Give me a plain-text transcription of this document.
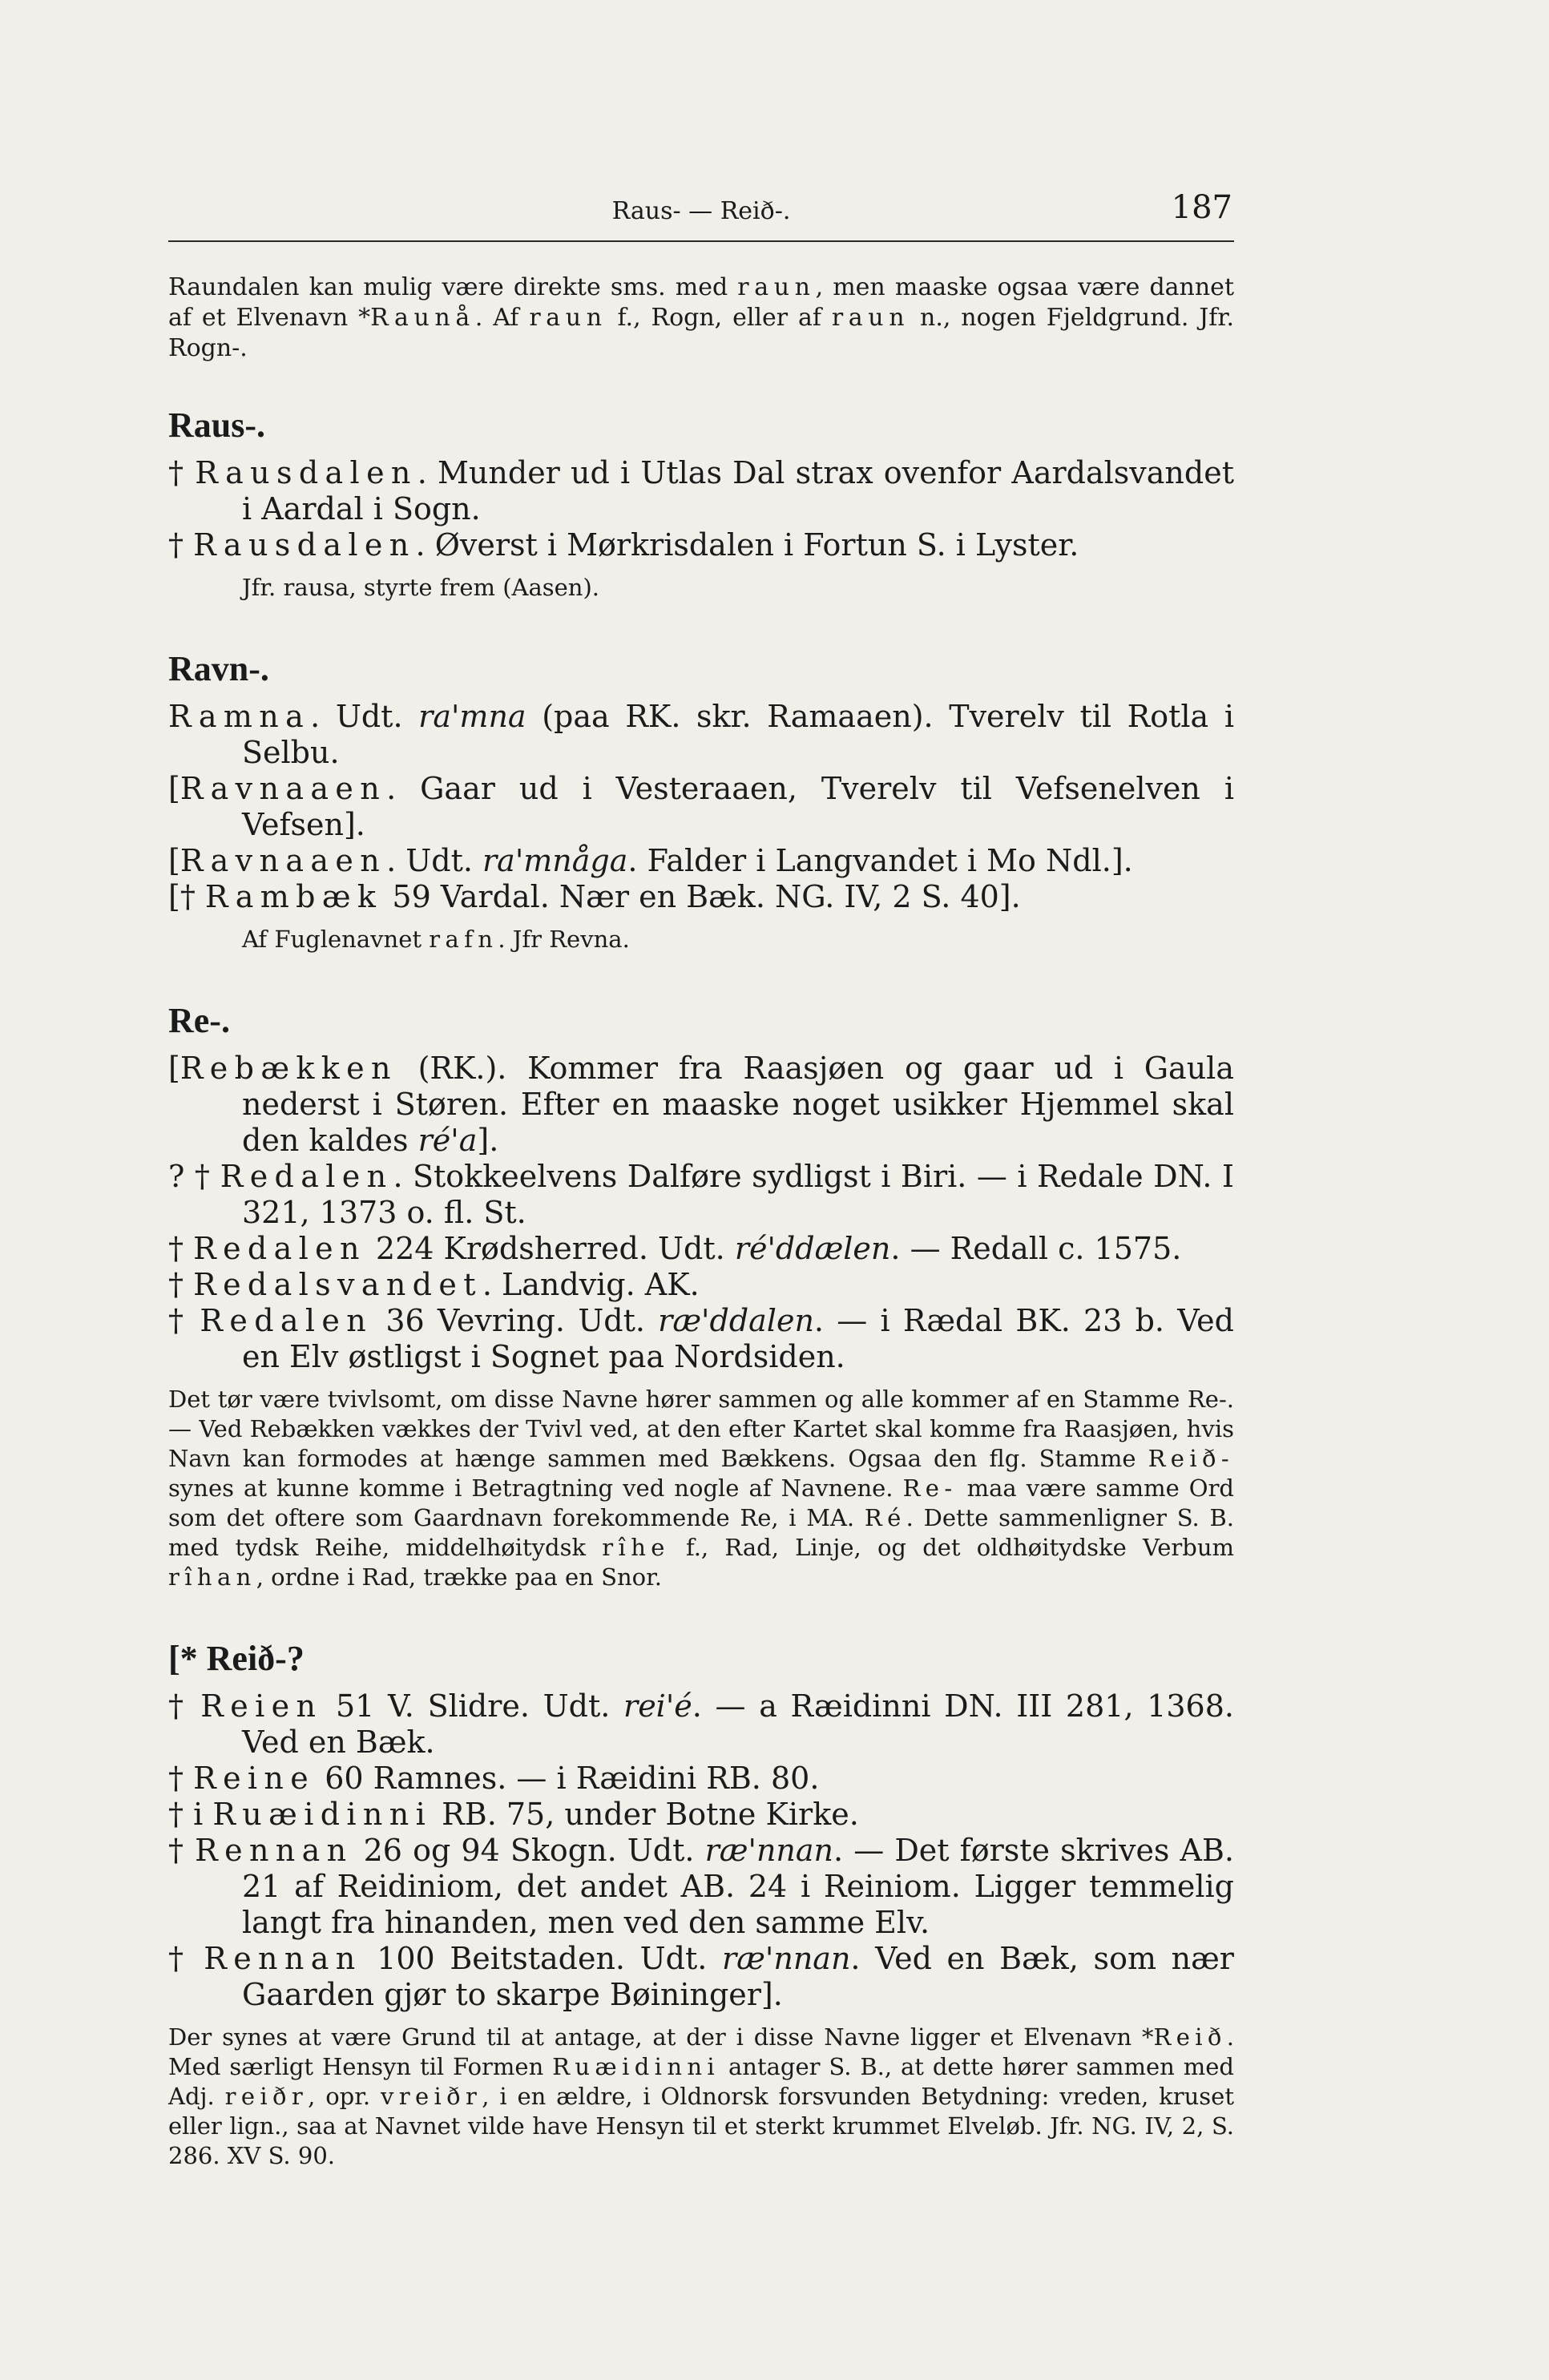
Raus- — Reið-.	187

Raundalen kan mulig være direkte sms. med raun, men maaske ogsaa være dannet af et Elvenavn *Raunå. Af raun f., Rogn, eller af raun n., nogen Fjeldgrund. Jfr. Rogn-.

Raus-.

† Rausdalen. Munder ud i Utlas Dal strax ovenfor Aardalsvandet i Aardal i Sogn.

† Rausdalen. Øverst i Mørkrisdalen i Fortun S. i Lyster.

Jfr. rausa, styrte frem (Aasen).

Ravn-.

Ramna. Udt. ra'mna (paa RK. skr. Ramaaen). Tverelv til Rotla i Selbu.

[Ravnaaen. Gaar ud i Vesteraaen, Tverelv til Vefsenelven i Vefsen].

[Ravnaaen. Udt. ra'mnåga. Falder i Langvandet i Mo Ndl.].

[† Rambæk 59 Vardal. Nær en Bæk. NG. IV, 2 S. 40].

Af Fuglenavnet rafn. Jfr Revna.

Re-.

[Rebækken (RK.). Kommer fra Raasjøen og gaar ud i Gaula nederst i Støren. Efter en maaske noget usikker Hjemmel skal den kaldes ré'a].

? † Redalen. Stokkeelvens Dalføre sydligst i Biri. — i Redale DN. I 321, 1373 o. fl. St.

† Redalen 224 Krødsherred. Udt. ré'ddælen. — Redall c. 1575.

† Redalsvandet. Landvig. AK.

† Redalen 36 Vevring. Udt. ræ'ddalen. — i Rædal BK. 23 b. Ved en Elv østligst i Sognet paa Nordsiden.

Det tør være tvivlsomt, om disse Navne hører sammen og alle kommer af en Stamme Re-. — Ved Rebækken vækkes der Tvivl ved, at den efter Kartet skal komme fra Raasjøen, hvis Navn kan formodes at hænge sammen med Bækkens. Ogsaa den flg. Stamme Reið- synes at kunne komme i Betragtning ved nogle af Navnene. Re- maa være samme Ord som det oftere som Gaardnavn forekommende Re, i MA. Ré. Dette sammenligner S. B. med tydsk Reihe, middelhøitydsk rîhe f., Rad, Linje, og det oldhøitydske Verbum rîhan, ordne i Rad, trække paa en Snor.

[* Reið-?

† Reien 51 V. Slidre. Udt. rei'é. — a Ræidinni DN. III 281, 1368. Ved en Bæk.

† Reine 60 Ramnes. — i Ræidini RB. 80.

† i Ruæidinni RB. 75, under Botne Kirke.

† Rennan 26 og 94 Skogn. Udt. ræ'nnan. — Det første skrives AB. 21 af Reidiniom, det andet AB. 24 i Reiniom. Ligger temmelig langt fra hinanden, men ved den samme Elv.

† Rennan 100 Beitstaden. Udt. ræ'nnan. Ved en Bæk, som nær Gaarden gjør to skarpe Bøininger].

Der synes at være Grund til at antage, at der i disse Navne ligger et Elvenavn *Reið. Med særligt Hensyn til Formen Ruæidinni antager S. B., at dette hører sammen med Adj. reiðr, opr. vreiðr, i en ældre, i Oldnorsk forsvunden Betydning: vreden, kruset eller lign., saa at Navnet vilde have Hensyn til et sterkt krummet Elveløb. Jfr. NG. IV, 2, S. 286. XV S. 90.
